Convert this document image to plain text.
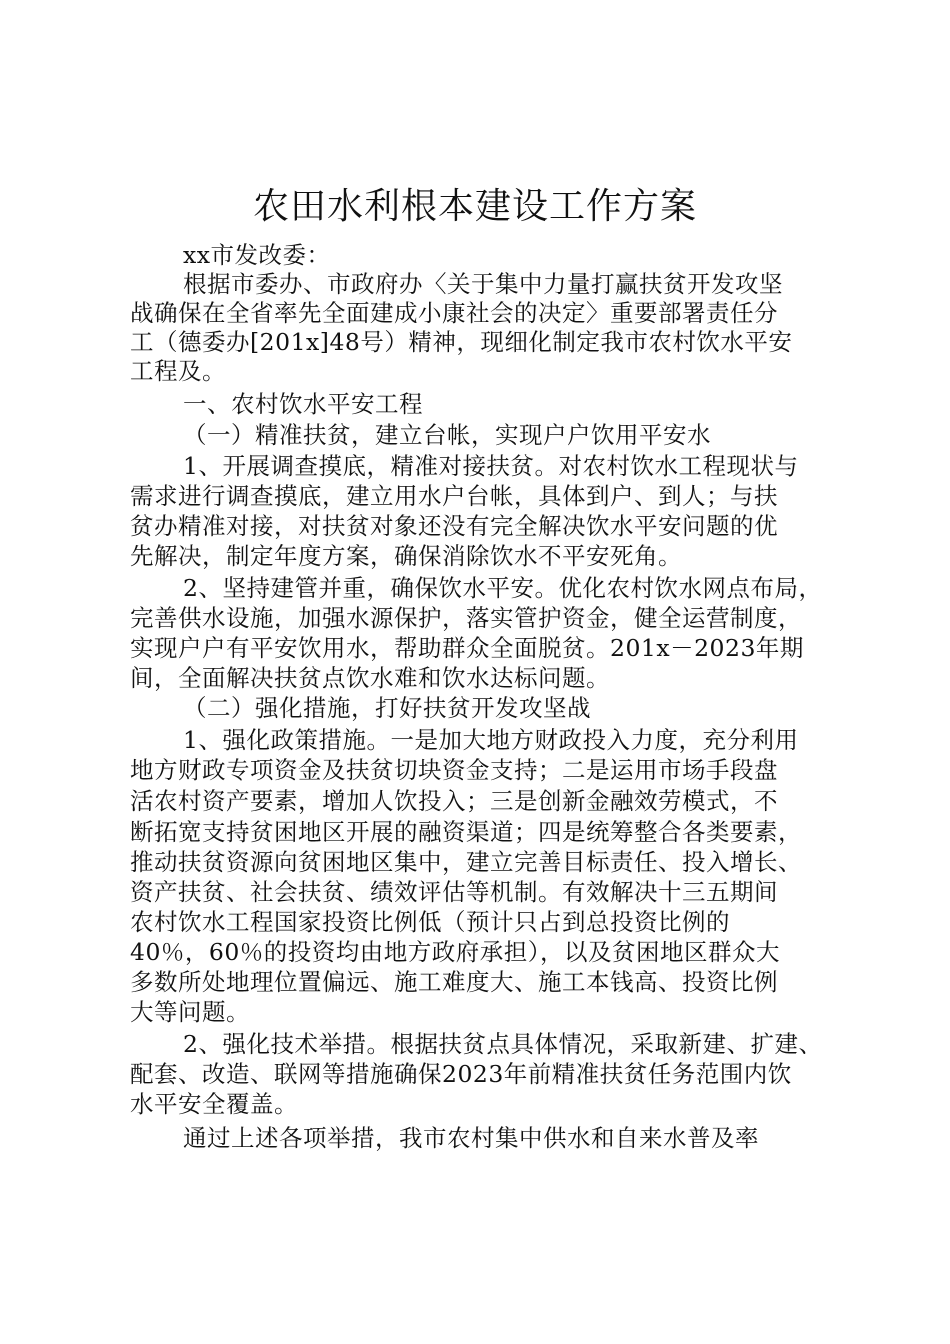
农田水利根本建设工作方案
xx市发改委：
根据市委办、市政府办〈关于集中力量打赢扶贫开发攻坚
战确保在全省率先全面建成小康社会的决定〉重要部署责任分
工（德委办[201x]48号）精神，现细化制定我市农村饮水平安
工程及。
一、农村饮水平安工程
（一）精准扶贫，建立台帐，实现户户饮用平安水
1、开展调查摸底，精准对接扶贫。对农村饮水工程现状与
需求进行调查摸底，建立用水户台帐，具体到户、到人；与扶
贫办精准对接，对扶贫对象还没有完全解决饮水平安问题的优
先解决，制定年度方案，确保消除饮水不平安死角。
2、坚持建管并重，确保饮水平安。优化农村饮水网点布局，
完善供水设施，加强水源保护，落实管护资金，健全运营制度，
实现户户有平安饮用水，帮助群众全面脱贫。201x－2023年期
间，全面解决扶贫点饮水难和饮水达标问题。
（二）强化措施，打好扶贫开发攻坚战
1、强化政策措施。一是加大地方财政投入力度，充分利用
地方财政专项资金及扶贫切块资金支持；二是运用市场手段盘
活农村资产要素，增加人饮投入；三是创新金融效劳模式，不
断拓宽支持贫困地区开展的融资渠道；四是统筹整合各类要素，
推动扶贫资源向贫困地区集中，建立完善目标责任、投入增长、
资产扶贫、社会扶贫、绩效评估等机制。有效解决十三五期间
农村饮水工程国家投资比例低（预计只占到总投资比例的
40％，60％的投资均由地方政府承担），以及贫困地区群众大
多数所处地理位置偏远、施工难度大、施工本钱高、投资比例
大等问题。
2、强化技术举措。根据扶贫点具体情况，采取新建、扩建、
配套、改造、联网等措施确保2023年前精准扶贫任务范围内饮
水平安全覆盖。
通过上述各项举措，我市农村集中供水和自来水普及率
